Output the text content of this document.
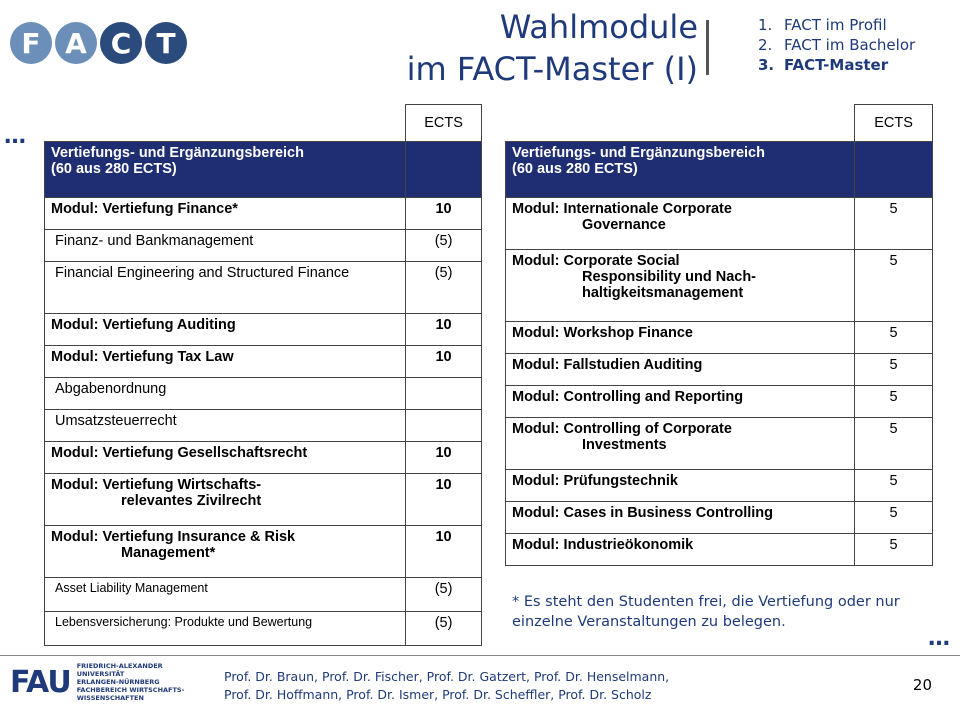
F A C T	Wahlmodule
im FACT-Master (I)
1. FACT im Profil
2. FACT im Bachelor
3. FACT-Master
…
	ECTS
Vertiefungs- und Ergänzungsbereich
(60 aus 280 ECTS)	
Modul: Vertiefung Finance*	10
Finanz- und Bankmanagement	(5)
Financial Engineering and Structured Finance	(5)
Modul: Vertiefung Auditing	10
Modul: Vertiefung Tax Law	10
Abgabenordnung	
Umsatzsteuerrecht	
Modul: Vertiefung Gesellschaftsrecht	10
Modul: Vertiefung Wirtschafts-
relevantes Zivilrecht	10
Modul: Vertiefung Insurance & Risk
Management*	10
Asset Liability Management	(5)
Lebensversicherung: Produkte und Bewertung	(5)
	ECTS
Vertiefungs- und Ergänzungsbereich
(60 aus 280 ECTS)	
Modul: Internationale Corporate
Governance	5
Modul: Corporate Social
Responsibility und Nach-
haltigkeitsmanagement	5
Modul: Workshop Finance	5
Modul: Fallstudien Auditing	5
Modul: Controlling and Reporting	5
Modul: Controlling of Corporate
Investments	5
Modul: Prüfungstechnik	5
Modul: Cases in Business Controlling	5
Modul: Industrieökonomik	5
* Es steht den Studenten frei, die Vertiefung oder nur einzelne Veranstaltungen zu belegen.
…
FAU FRIEDRICH-ALEXANDER
UNIVERSITÄT
ERLANGEN-NÜRNBERG
FACHBEREICH WIRTSCHAFTS-
WISSENSCHAFTEN
Prof. Dr. Braun, Prof. Dr. Fischer, Prof. Dr. Gatzert, Prof. Dr. Henselmann,
Prof. Dr. Hoffmann, Prof. Dr. Ismer, Prof. Dr. Scheffler, Prof. Dr. Scholz
20
